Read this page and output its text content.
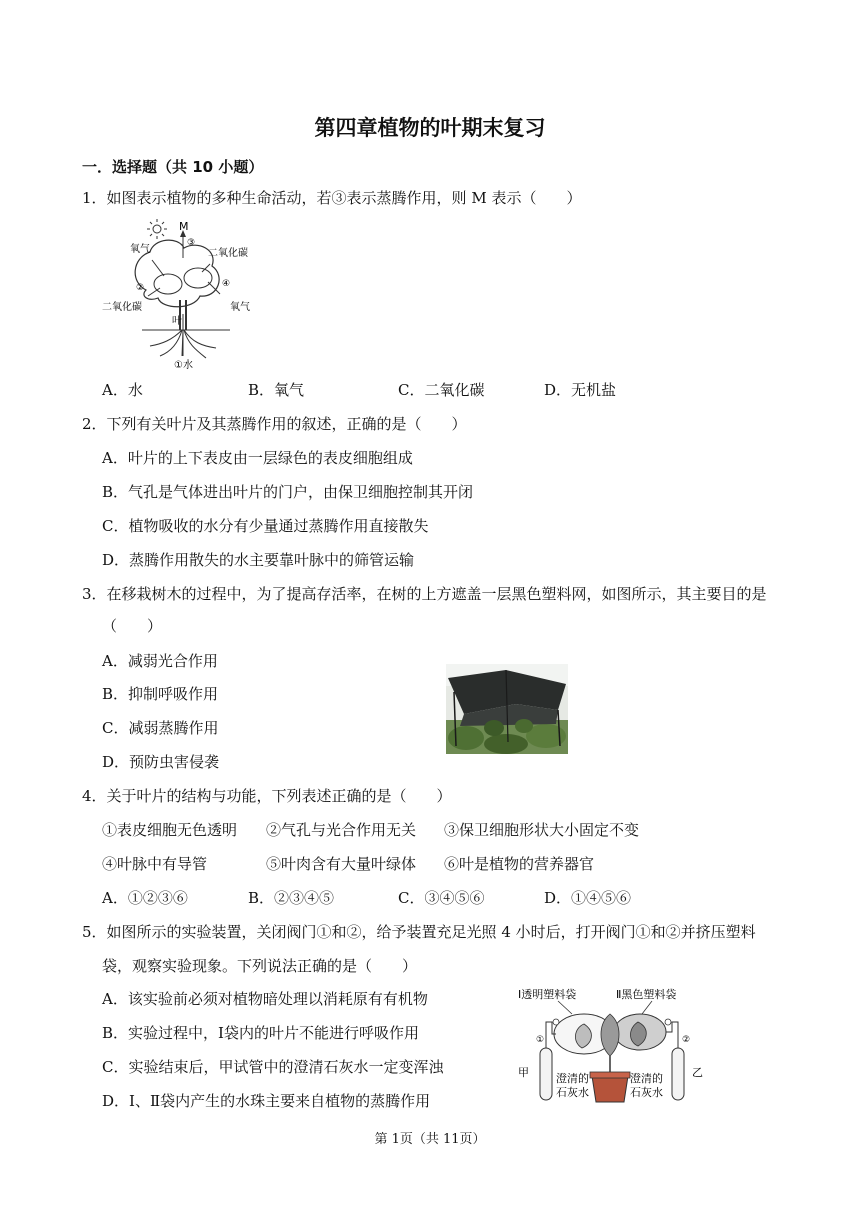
第四章植物的叶期末复习
一．选择题（共 10 小题）
1．如图表示植物的多种生命活动，若③表示蒸腾作用，则 M 表示（　　）
M
③
氧气	二氧化碳
②	④
二氧化碳	氧气
叶
①水
A．水	B．氧气	C．二氧化碳	D．无机盐
2．下列有关叶片及其蒸腾作用的叙述，正确的是（　　）
A．叶片的上下表皮由一层绿色的表皮细胞组成
B．气孔是气体进出叶片的门户，由保卫细胞控制其开闭
C．植物吸收的水分有少量通过蒸腾作用直接散失
D．蒸腾作用散失的水主要靠叶脉中的筛管运输
3．在移栽树木的过程中，为了提高存活率，在树的上方遮盖一层黑色塑料网，如图所示，其主要目的是
（　　）
A．减弱光合作用
B．抑制呼吸作用
C．减弱蒸腾作用
D．预防虫害侵袭
4．关于叶片的结构与功能，下列表述正确的是（　　）
①表皮细胞无色透明 ②气孔与光合作用无关 ③保卫细胞形状大小固定不变
④叶脉中有导管	⑤叶肉含有大量叶绿体 ⑥叶是植物的营养器官
A．①②③⑥	B．②③④⑤	C．③④⑤⑥	D．①④⑤⑥
5．如图所示的实验装置，关闭阀门①和②，给予装置充足光照 4 小时后，打开阀门①和②并挤压塑料
袋，观察实验现象。下列说法正确的是（　　）
A．该实验前必须对植物暗处理以消耗原有有机物
B．实验过程中，Ⅰ袋内的叶片不能进行呼吸作用
C．实验结束后，甲试管中的澄清石灰水一定变浑浊
D．Ⅰ、Ⅱ袋内产生的水珠主要来自植物的蒸腾作用
Ⅰ透明塑料袋	Ⅱ黑色塑料袋
①	②
甲	乙
澄清的
石灰水
澄清的
石灰水
第 1页（共 11页）
